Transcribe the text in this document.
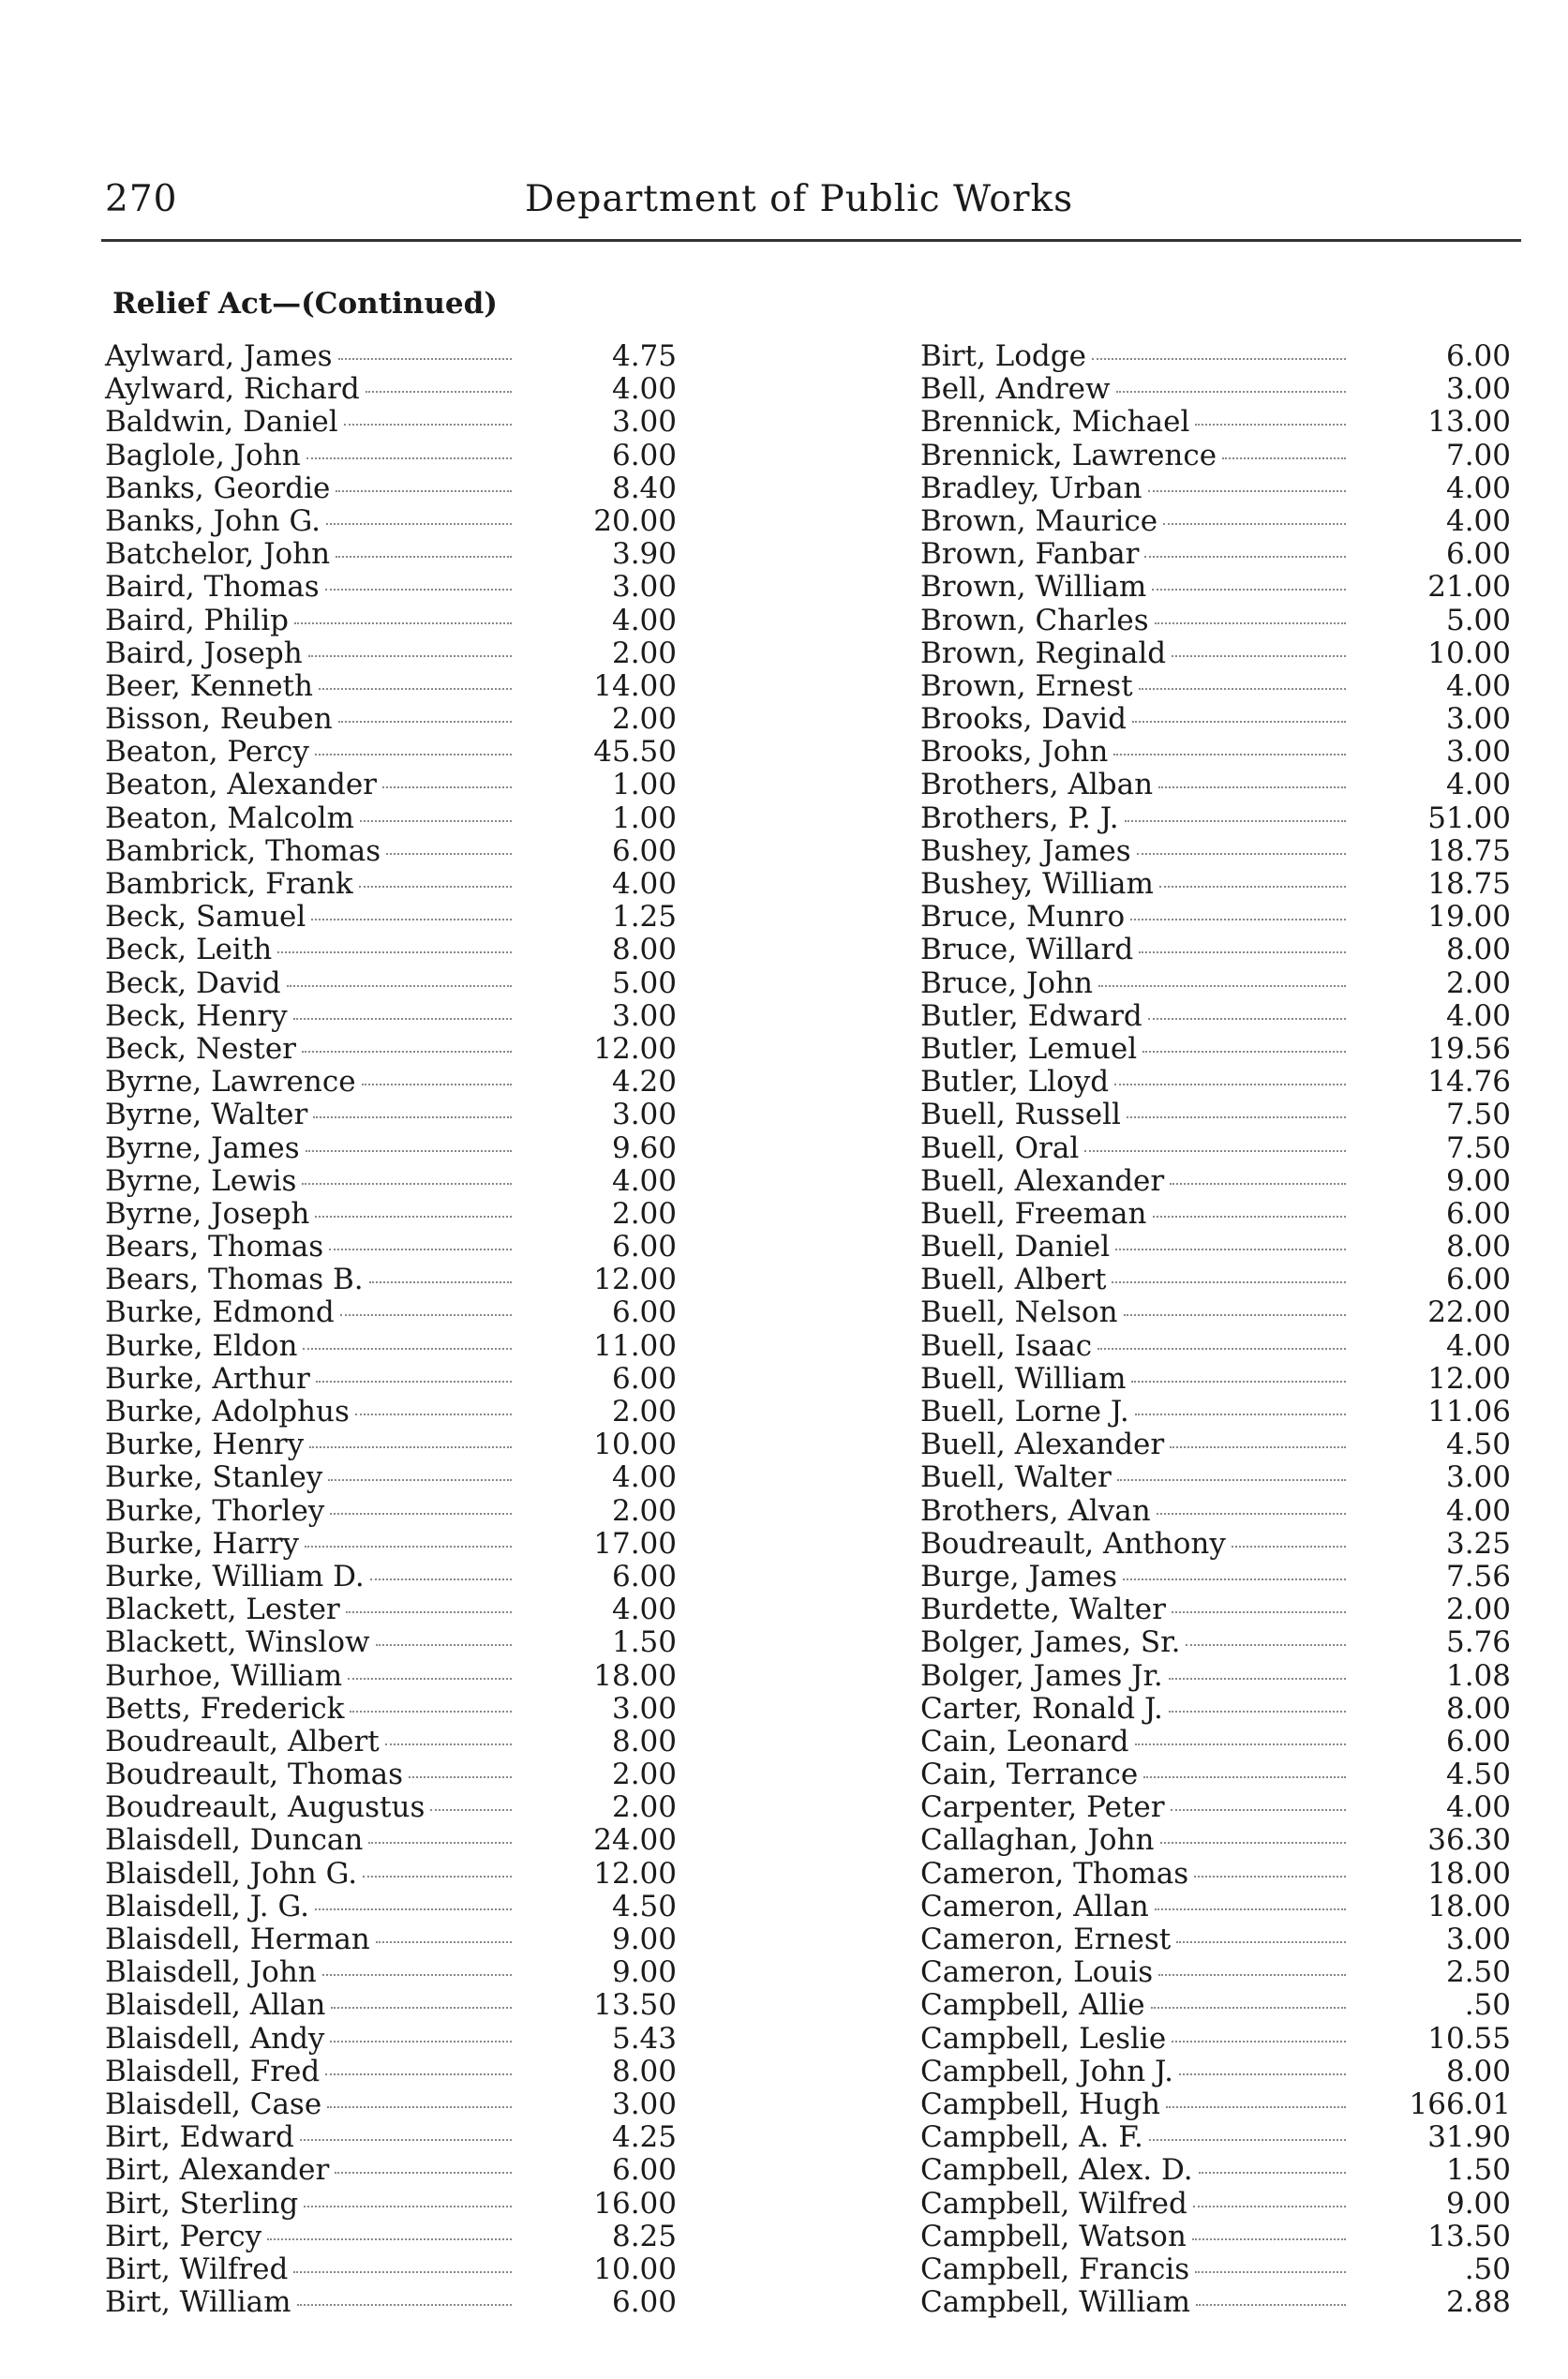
270	Department of Public Works
Relief Act—(Continued)
Aylward, James	4.75
Aylward, Richard	4.00
Baldwin, Daniel	3.00
Baglole, John	6.00
Banks, Geordie	8.40
Banks, John G.	20.00
Batchelor, John	3.90
Baird, Thomas	3.00
Baird, Philip	4.00
Baird, Joseph	2.00
Beer, Kenneth	14.00
Bisson, Reuben	2.00
Beaton, Percy	45.50
Beaton, Alexander	1.00
Beaton, Malcolm	1.00
Bambrick, Thomas	6.00
Bambrick, Frank	4.00
Beck, Samuel	1.25
Beck, Leith	8.00
Beck, David	5.00
Beck, Henry	3.00
Beck, Nester	12.00
Byrne, Lawrence	4.20
Byrne, Walter	3.00
Byrne, James	9.60
Byrne, Lewis	4.00
Byrne, Joseph	2.00
Bears, Thomas	6.00
Bears, Thomas B.	12.00
Burke, Edmond	6.00
Burke, Eldon	11.00
Burke, Arthur	6.00
Burke, Adolphus	2.00
Burke, Henry	10.00
Burke, Stanley	4.00
Burke, Thorley	2.00
Burke, Harry	17.00
Burke, William D.	6.00
Blackett, Lester	4.00
Blackett, Winslow	1.50
Burhoe, William	18.00
Betts, Frederick	3.00
Boudreault, Albert	8.00
Boudreault, Thomas	2.00
Boudreault, Augustus	2.00
Blaisdell, Duncan	24.00
Blaisdell, John G.	12.00
Blaisdell, J. G.	4.50
Blaisdell, Herman	9.00
Blaisdell, John	9.00
Blaisdell, Allan	13.50
Blaisdell, Andy	5.43
Blaisdell, Fred	8.00
Blaisdell, Case	3.00
Birt, Edward	4.25
Birt, Alexander	6.00
Birt, Sterling	16.00
Birt, Percy	8.25
Birt, Wilfred	10.00
Birt, William	6.00
Birt, Lodge	6.00
Bell, Andrew	3.00
Brennick, Michael	13.00
Brennick, Lawrence	7.00
Bradley, Urban	4.00
Brown, Maurice	4.00
Brown, Fanbar	6.00
Brown, William	21.00
Brown, Charles	5.00
Brown, Reginald	10.00
Brown, Ernest	4.00
Brooks, David	3.00
Brooks, John	3.00
Brothers, Alban	4.00
Brothers, P. J.	51.00
Bushey, James	18.75
Bushey, William	18.75
Bruce, Munro	19.00
Bruce, Willard	8.00
Bruce, John	2.00
Butler, Edward	4.00
Butler, Lemuel	19.56
Butler, Lloyd	14.76
Buell, Russell	7.50
Buell, Oral	7.50
Buell, Alexander	9.00
Buell, Freeman	6.00
Buell, Daniel	8.00
Buell, Albert	6.00
Buell, Nelson	22.00
Buell, Isaac	4.00
Buell, William	12.00
Buell, Lorne J.	11.06
Buell, Alexander	4.50
Buell, Walter	3.00
Brothers, Alvan	4.00
Boudreault, Anthony	3.25
Burge, James	7.56
Burdette, Walter	2.00
Bolger, James, Sr.	5.76
Bolger, James Jr.	1.08
Carter, Ronald J.	8.00
Cain, Leonard	6.00
Cain, Terrance	4.50
Carpenter, Peter	4.00
Callaghan, John	36.30
Cameron, Thomas	18.00
Cameron, Allan	18.00
Cameron, Ernest	3.00
Cameron, Louis	2.50
Campbell, Allie	.50
Campbell, Leslie	10.55
Campbell, John J.	8.00
Campbell, Hugh	166.01
Campbell, A. F.	31.90
Campbell, Alex. D.	1.50
Campbell, Wilfred	9.00
Campbell, Watson	13.50
Campbell, Francis	.50
Campbell, William	2.88
